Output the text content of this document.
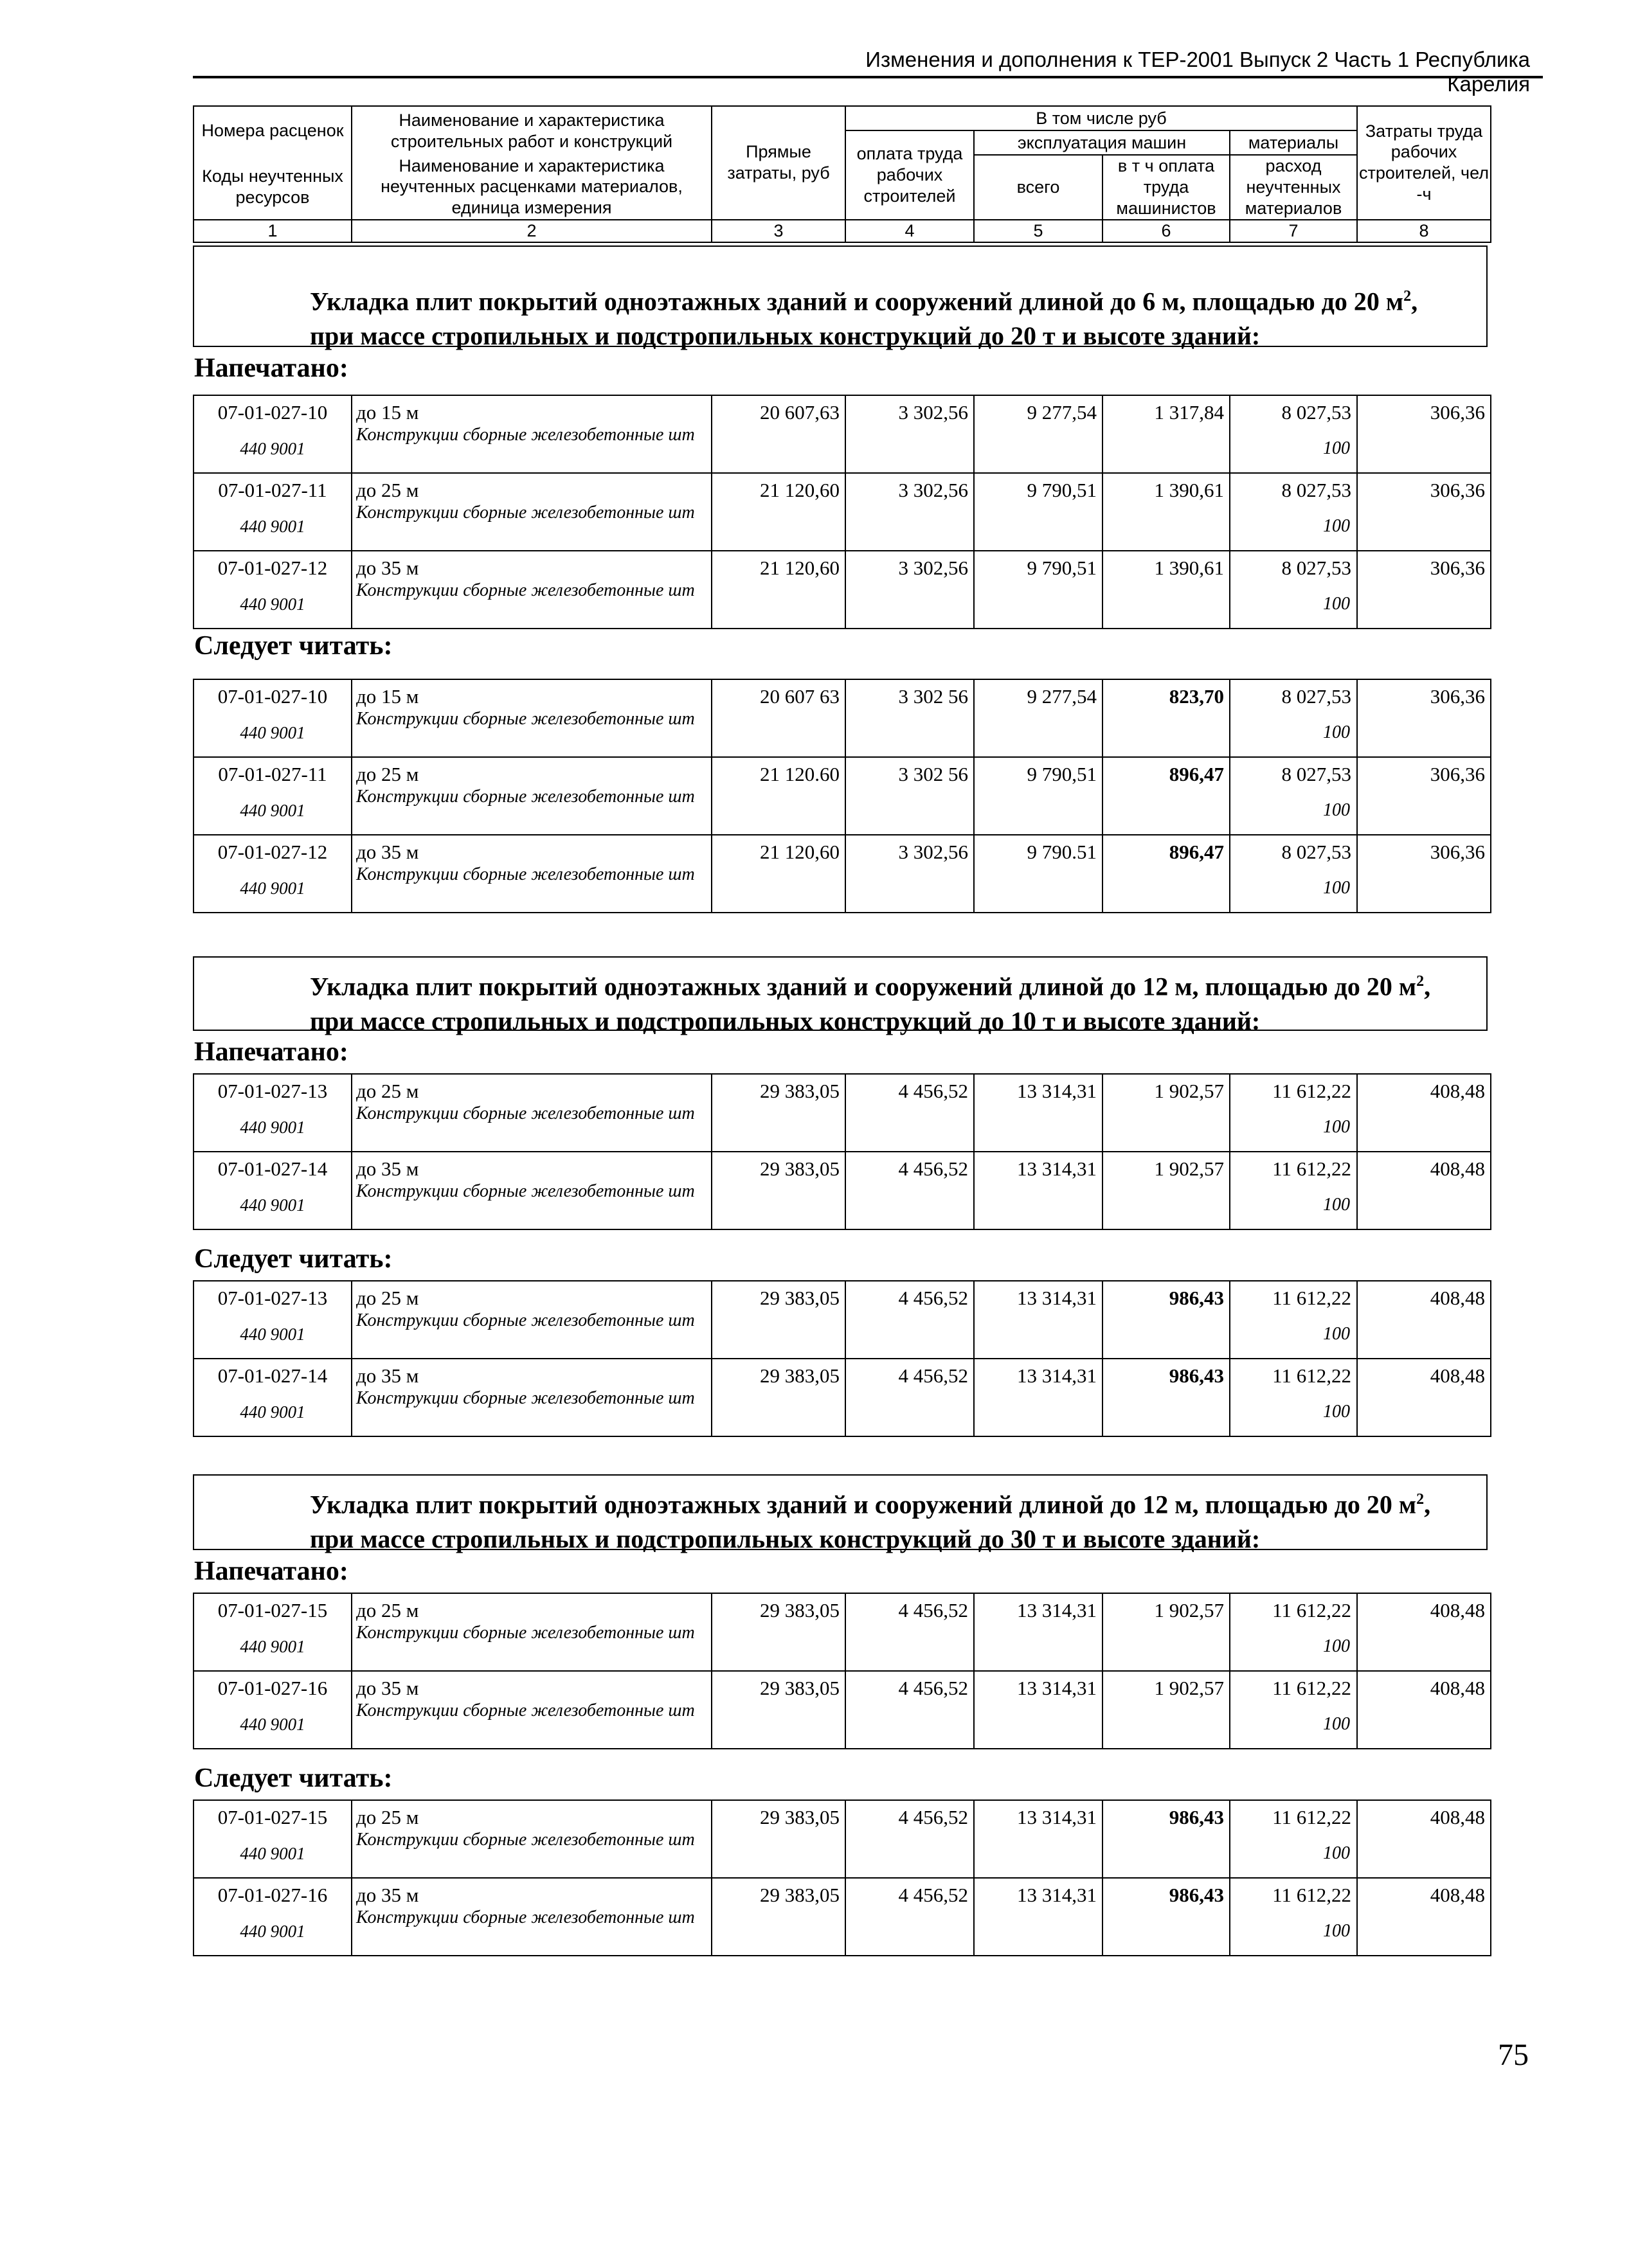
Изменения и дополнения к ТЕР-2001 Выпуск 2 Часть 1 Республика Карелия
Номера расценок	Наименование и характеристика строительных работ и конструкций	Прямые затраты, руб	В том числе руб				Затраты труда рабочих строителей, чел -ч
			оплата труда рабочих строителей	эксплуатация машин		материалы	
Коды неучтенных ресурсов	Наименование и характеристика неучтенных расценками материалов, единица измерения			всего	в т ч оплата труда машинистов	расход неучтенных материалов	

1	2	3	4	5	6	7	8
Укладка плит покрытий одноэтажных зданий и сооружений длиной до 6 м, площадью до 20 $м^2$,
при массе стропильных и подстропильных конструкций до 20 т и высоте зданий:
Напечатано:
07-01-027-10	до 15 м	20 607,63	3 302,56	9 277,54	1 317,84	8 027,53	306,36
440 9001	Конструкции сборные железобетонные шт					100	
07-01-027-11	до 25 м	21 120,60	3 302,56	9 790,51	1 390,61	8 027,53	306,36
440 9001	Конструкции сборные железобетонные шт					100	
07-01-027-12	до 35 м	21 120,60	3 302,56	9 790,51	1 390,61	8 027,53	306,36
440 9001	Конструкции сборные железобетонные шт					100	
Следует читать:
07-01-027-10	до 15 м	20 607 63	3 302 56	9 277,54	823,70	8 027,53	306,36
440 9001	Конструкции сборные железобетонные шт					100	
07-01-027-11	до 25 м	21 120.60	3 302 56	9 790,51	896,47	8 027,53	306,36
440 9001	Конструкции сборные железобетонные шт					100	
07-01-027-12	до 35 м	21 120,60	3 302,56	9 790.51	896,47	8 027,53	306,36
440 9001	Конструкции сборные железобетонные шт					100	
Укладка плит покрытий одноэтажных зданий и сооружений длиной до 12 м, площадью до 20 $м^2$,
при массе стропильных и подстропильных конструкций до 10 т и высоте зданий:
Напечатано:
07-01-027-13	до 25 м	29 383,05	4 456,52	13 314,31	1 902,57	11 612,22	408,48
440 9001	Конструкции сборные железобетонные шт					100	
07-01-027-14	до 35 м	29 383,05	4 456,52	13 314,31	1 902,57	11 612,22	408,48
440 9001	Конструкции сборные железобетонные шт					100	
Следует читать:
07-01-027-13	до 25 м	29 383,05	4 456,52	13 314,31	986,43	11 612,22	408,48
440 9001	Конструкции сборные железобетонные шт					100	
07-01-027-14	до 35 м	29 383,05	4 456,52	13 314,31	986,43	11 612,22	408,48
440 9001	Конструкции сборные железобетонные шт					100	
Укладка плит покрытий одноэтажных зданий и сооружений длиной до 12 м, площадью до 20 $м^2$,
при массе стропильных и подстропильных конструкций до 30 т и высоте зданий:
Напечатано:
07-01-027-15	до 25 м	29 383,05	4 456,52	13 314,31	1 902,57	11 612,22	408,48
440 9001	Конструкции сборные железобетонные шт					100	
07-01-027-16	до 35 м	29 383,05	4 456,52	13 314,31	1 902,57	11 612,22	408,48
440 9001	Конструкции сборные железобетонные шт					100	
Следует читать:
07-01-027-15	до 25 м	29 383,05	4 456,52	13 314,31	986,43	11 612,22	408,48
440 9001	Конструкции сборные железобетонные шт					100	
07-01-027-16	до 35 м	29 383,05	4 456,52	13 314,31	986,43	11 612,22	408,48
440 9001	Конструкции сборные железобетонные шт					100	
75
